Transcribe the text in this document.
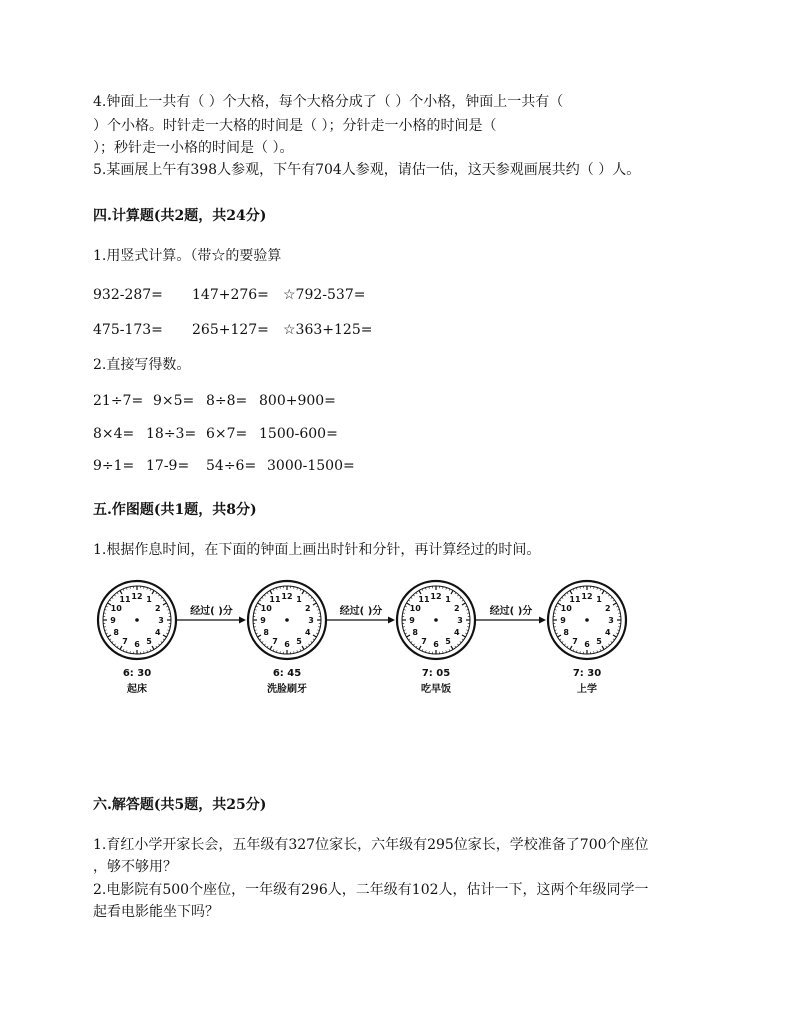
4.钟面上一共有（ ）个大格，每个大格分成了（ ）个小格，钟面上一共有（
）个小格。时针走一大格的时间是（ ）；分针走一小格的时间是（
）；秒针走一小格的时间是（ ）。
5.某画展上午有398人参观，下午有704人参观，请估一估，这天参观画展共约（ ）人。
四.计算题(共2题，共24分)
1.用竖式计算。（带☆的要验算
932-287= 147+276= ☆792-537=
475-173= 265+127= ☆363+125=
2.直接写得数。
21÷7= 9×5= 8÷8= 800+900=
8×4= 18÷3= 6×7= 1500-600=
9÷1= 17-9= 54÷6= 3000-1500=
五.作图题(共1题，共8分)
1.根据作息时间，在下面的钟面上画出时针和分针，再计算经过的时间。
12 1
2
3
4
5
6
7
8
9
10
11
6: 30
起床
12 1
2
3
4
5
6
7
8
9
10
11
6: 45
洗脸刷牙
12 1
2
3
4
5
6
7
8
9
10
11
7: 05
吃早饭
12 1
2
3
4
5
6
7
8
9
10
11
7: 30
上学
经过( )分	经过( )分	经过( )分
六.解答题(共5题，共25分)
1.育红小学开家长会，五年级有327位家长，六年级有295位家长，学校准备了700个座位
，够不够用？
2.电影院有500个座位，一年级有296人，二年级有102人，估计一下，这两个年级同学一
起看电影能坐下吗？
